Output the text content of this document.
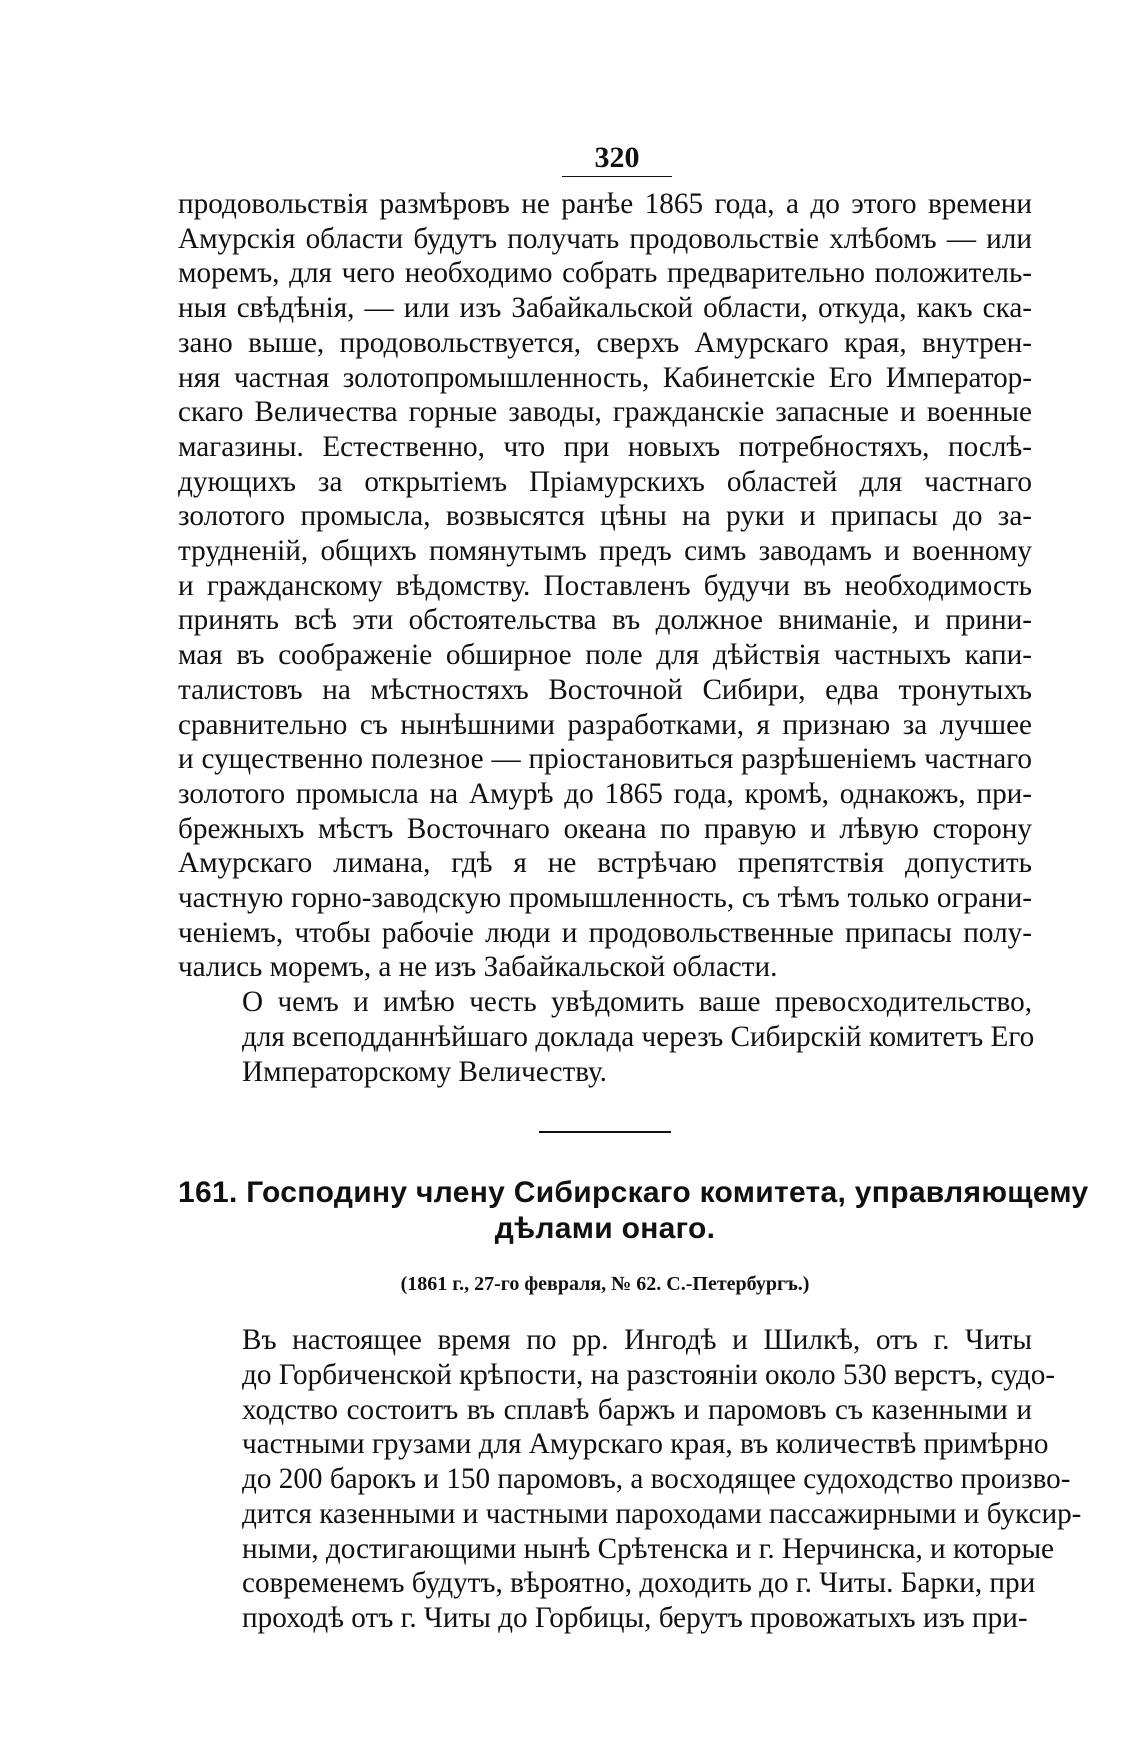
320
продовольствія размѣровъ не ранѣе 1865 года, а до этого времени
Амурскія области будутъ получать продовольствіе хлѣбомъ — или
моремъ, для чего необходимо собрать предварительно положитель-
ныя свѣдѣнія, — или изъ Забайкальской области, откуда, какъ ска-
зано выше, продовольствуется, сверхъ Амурскаго края, внутрен-
няя частная золотопромышленность, Кабинетскіе Его Император-
скаго Величества горные заводы, гражданскіе запасные и военные
магазины. Естественно, что при новыхъ потребностяхъ, послѣ-
дующихъ за открытіемъ Пріамурскихъ областей для частнаго
золотого промысла, возвысятся цѣны на руки и припасы до за-
трудненій, общихъ помянутымъ предъ симъ заводамъ и военному
и гражданскому вѣдомству. Поставленъ будучи въ необходимость
принять всѣ эти обстоятельства въ должное вниманіе, и прини-
мая въ соображеніе обширное поле для дѣйствія частныхъ капи-
талистовъ на мѣстностяхъ Восточной Сибири, едва тронутыхъ
сравнительно съ нынѣшними разработками, я признаю за лучшее
и существенно полезное — пріостановиться разрѣшеніемъ частнаго
золотого промысла на Амурѣ до 1865 года, кромѣ, однакожъ, при-
брежныхъ мѣстъ Восточнаго океана по правую и лѣвую сторону
Амурскаго лимана, гдѣ я не встрѣчаю препятствія допустить
частную горно-заводскую промышленность, съ тѣмъ только ограни-
ченіемъ, чтобы рабочіе люди и продовольственные припасы полу-
чались моремъ, а не изъ Забайкальской области.
О чемъ и имѣю честь увѣдомить ваше превосходительство,
для всеподданнѣйшаго доклада черезъ Сибирскій комитетъ Его
Императорскому Величеству.
161. Господину члену Сибирскаго комитета, управляющему
дѣлами онаго.
(1861 г., 27-го февраля, № 62. С.-Петербургъ.)
Въ настоящее время по рр. Ингодѣ и Шилкѣ, отъ г. Читы
до Горбиченской крѣпости, на разстояніи около 530 верстъ, судо-
ходство состоитъ въ сплавѣ баржъ и паромовъ съ казенными и
частными грузами для Амурскаго края, въ количествѣ примѣрно
до 200 барокъ и 150 паромовъ, а восходящее судоходство произво-
дится казенными и частными пароходами пассажирными и буксир-
ными, достигающими нынѣ Срѣтенска и г. Нерчинска, и которые
современемъ будутъ, вѣроятно, доходить до г. Читы. Барки, при
проходѣ отъ г. Читы до Горбицы, берутъ провожатыхъ изъ при-
